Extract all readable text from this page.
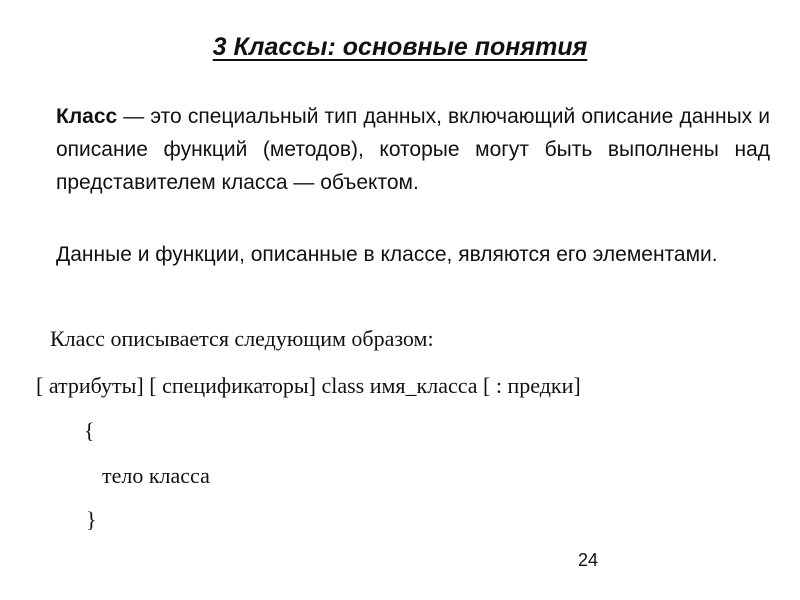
3 Классы: основные понятия

Класс — это специальный тип данных, включающий описание данных и описание функций (методов), которые могут быть выполнены над представителем класса — объектом.

Данные и функции, описанные в классе, являются его элементами.

Класс описывается следующим образом:

[ атрибуты] [ спецификаторы] class имя_класса [ : предки]

{

тело класса

}

24
